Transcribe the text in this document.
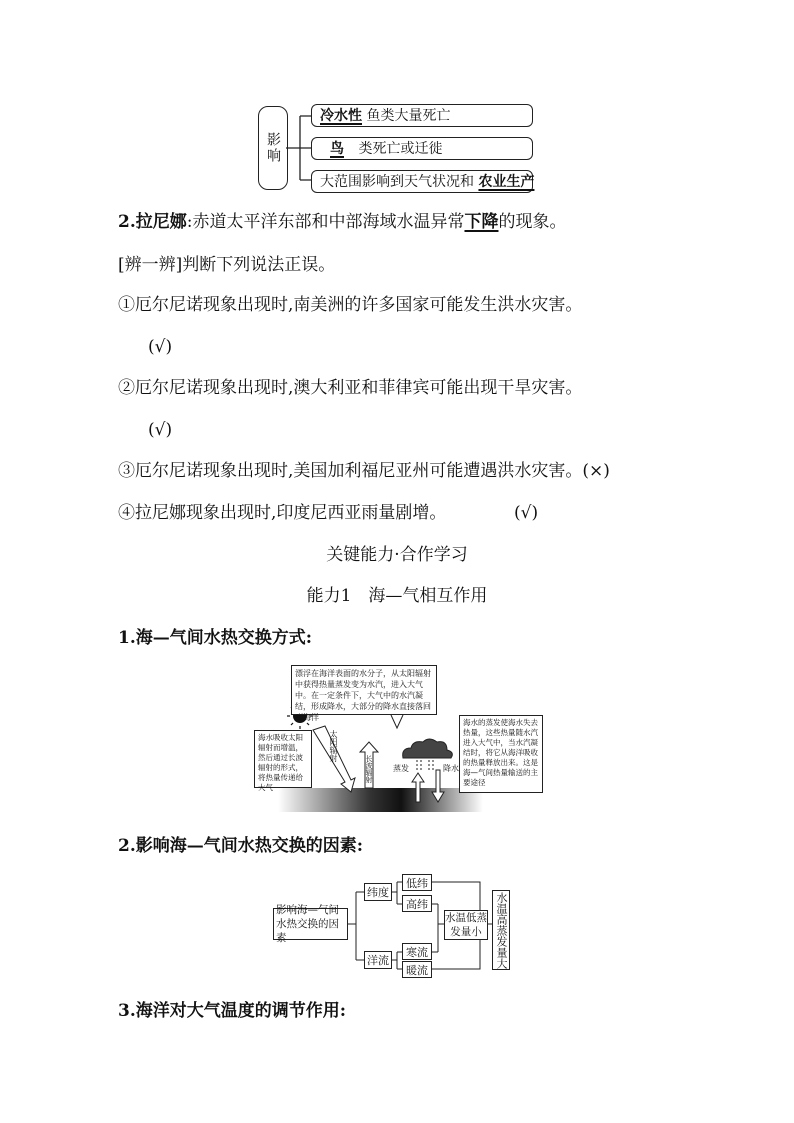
影响
冷水性 鱼类大量死亡
鸟 类死亡或迁徙
大范围影响到天气状况和 农业生产
2.拉尼娜:赤道太平洋东部和中部海域水温异常下降的现象。
[辨一辨]判断下列说法正误。
①厄尔尼诺现象出现时,南美洲的许多国家可能发生洪水灾害。
(√)
②厄尔尼诺现象出现时,澳大利亚和菲律宾可能出现干旱灾害。
(√)
③厄尔尼诺现象出现时,美国加利福尼亚州可能遭遇洪水灾害。(×)
④拉尼娜现象出现时,印度尼西亚雨量剧增。	(√)
关键能力·合作学习
能力1　海—气相互作用
1.海—气间水热交换方式:
漂浮在海洋表面的水分子，从太阳辐射中获得热量蒸发变为水汽，进入大气中。在一定条件下，大气中的水汽凝结，形成降水，大部分的降水直接落回到海洋
海水吸收太阳辐射而增温，然后通过长波辐射的形式，将热量传递给大气
海水的蒸发使海水失去热量，这些热量随水汽进入大气中，当水汽凝结时，将它从海洋吸收的热量释放出来。这是海—气间热量输送的主要途径
太阳辐射
长波辐射	蒸发	降水
2.影响海—气间水热交换的因素:
影响海—气间水热交换的因素
纬度
洋流
低纬
高纬
寒流
暖流
水温低蒸发量小	水温高蒸发量大
3.海洋对大气温度的调节作用:
